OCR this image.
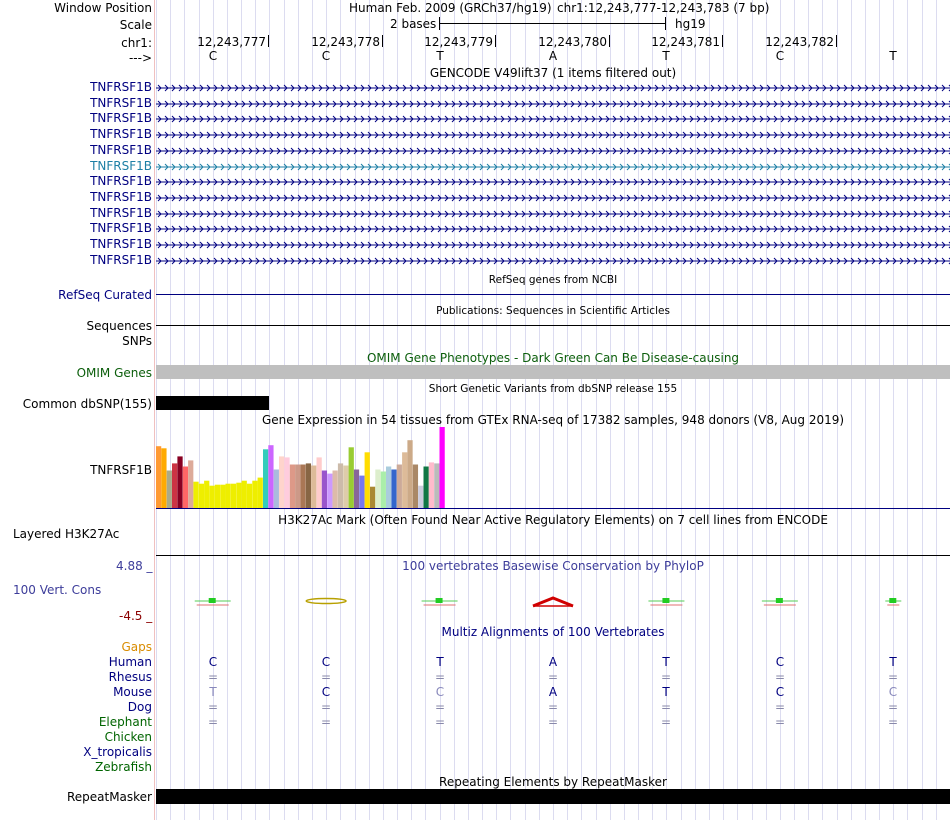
Window Position	Human Feb. 2009 (GRCh37/hg19) chr1:12,243,777-12,243,783 (7 bp)
Scale	2 bases	hg19
chr1:	12,243,777	12,243,778	12,243,779	12,243,780	12,243,781	12,243,782
--->	C	C	T	A	T	C	T
GENCODE V49lift37 (1 items filtered out)
TNFRSF1B
TNFRSF1B
TNFRSF1B
TNFRSF1B
TNFRSF1B
TNFRSF1B
TNFRSF1B
TNFRSF1B
TNFRSF1B
TNFRSF1B
TNFRSF1B
TNFRSF1B
RefSeq genes from NCBI
RefSeq Curated
Publications: Sequences in Scientific Articles
Sequences
SNPs
OMIM Gene Phenotypes - Dark Green Can Be Disease-causing
OMIM Genes
Short Genetic Variants from dbSNP release 155
Common dbSNP(155)
Gene Expression in 54 tissues from GTEx RNA-seq of 17382 samples, 948 donors (V8, Aug 2019)
TNFRSF1B
H3K27Ac Mark (Often Found Near Active Regulatory Elements) on 7 cell lines from ENCODE
Layered H3K27Ac
100 vertebrates Basewise Conservation by PhyloP
4.88 _
100 Vert. Cons
-4.5 _
Multiz Alignments of 100 Vertebrates
Gaps
Human	C	C	T	A	T	C	T
Rhesus	=	=	=	=	=	=	=
Mouse	T	C	C	A	T	C	C
Dog	=	=	=	=	=	=	=
Elephant	=	=	=	=	=	=	=
Chicken
X_tropicalis
Zebrafish
Repeating Elements by RepeatMasker
RepeatMasker
